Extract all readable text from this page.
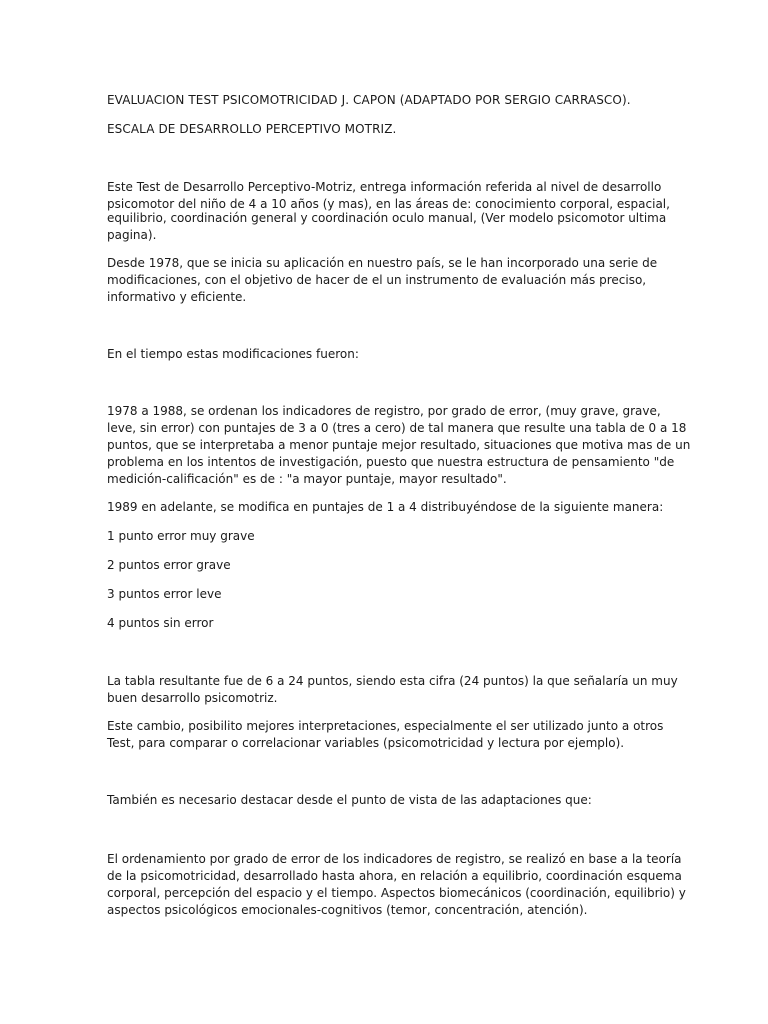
EVALUACION TEST PSICOMOTRICIDAD J. CAPON (ADAPTADO POR SERGIO CARRASCO).
ESCALA DE DESARROLLO PERCEPTIVO MOTRIZ.
Este Test de Desarrollo Perceptivo-Motriz, entrega información referida al nivel de desarrollo
psicomotor del niño de 4 a 10 años (y mas), en las áreas de: conocimiento corporal, espacial,
equilibrio, coordinación general y coordinación oculo manual, (Ver modelo psicomotor ultima
pagina).
Desde 1978, que se inicia su aplicación en nuestro país, se le han incorporado una serie de
modificaciones, con el objetivo de hacer de el un instrumento de evaluación más preciso,
informativo y eficiente.
En el tiempo estas modificaciones fueron:
1978 a 1988, se ordenan los indicadores de registro, por grado de error, (muy grave, grave,
leve, sin error) con puntajes de 3 a 0 (tres a cero) de tal manera que resulte una tabla de 0 a 18
puntos, que se interpretaba a menor puntaje mejor resultado, situaciones que motiva mas de un
problema en los intentos de investigación, puesto que nuestra estructura de pensamiento "de
medición-calificación" es de : "a mayor puntaje, mayor resultado".
1989 en adelante, se modifica en puntajes de 1 a 4 distribuyéndose de la siguiente manera:
1 punto error muy grave
2 puntos error grave
3 puntos error leve
4 puntos sin error
La tabla resultante fue de 6 a 24 puntos, siendo esta cifra (24 puntos) la que señalaría un muy
buen desarrollo psicomotriz.
Este cambio, posibilito mejores interpretaciones, especialmente el ser utilizado junto a otros
Test, para comparar o correlacionar variables (psicomotricidad y lectura por ejemplo).
También es necesario destacar desde el punto de vista de las adaptaciones que:
El ordenamiento por grado de error de los indicadores de registro, se realizó en base a la teoría
de la psicomotricidad, desarrollado hasta ahora, en relación a equilibrio, coordinación esquema
corporal, percepción del espacio y el tiempo. Aspectos biomecánicos (coordinación, equilibrio) y
aspectos psicológicos emocionales-cognitivos (temor, concentración, atención).
